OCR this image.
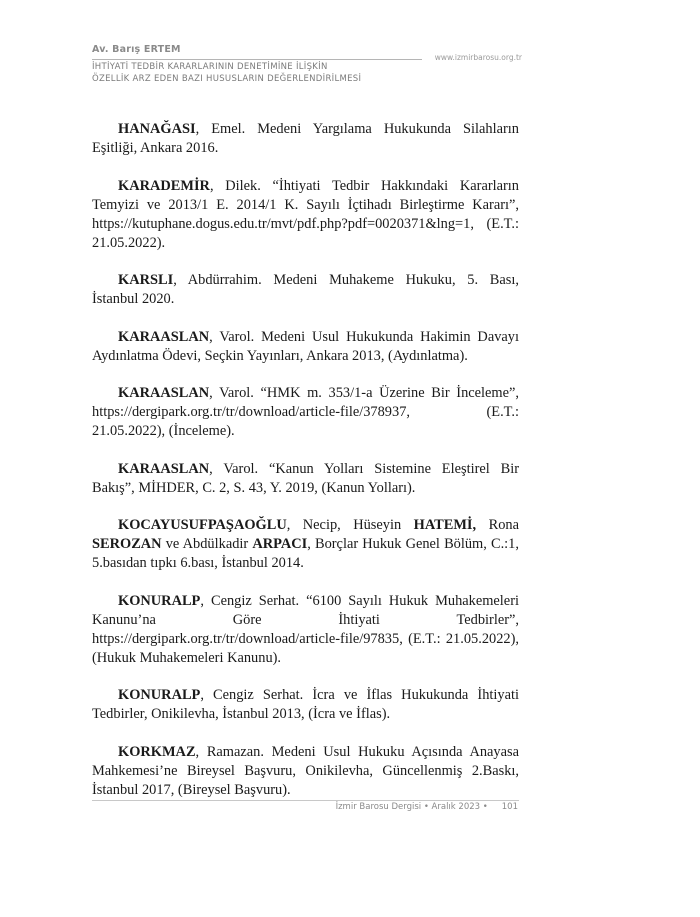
Av. Barış ERTEM
www.izmirbarosu.org.tr
İHTİYATİ TEDBİR KARARLARININ DENETİMİNE İLİŞKİN
ÖZELLİK ARZ EDEN BAZI HUSUSLARIN DEĞERLENDİRİLMESİ

HANAĞASI, Emel. Medeni Yargılama Hukukunda Silahların Eşitliği, Ankara 2016.

KARADEMİR, Dilek. “İhtiyati Tedbir Hakkındaki Kararların Temyizi ve 2013/1 E. 2014/1 K. Sayılı İçtihadı Birleştirme Kararı”, https://kutuphane.dogus.edu.tr/mvt/pdf.php?pdf=0020371&lng=1, (E.T.: 21.05.2022).

KARSLI, Abdürrahim. Medeni Muhakeme Hukuku, 5. Bası, İstanbul 2020.

KARAASLAN, Varol. Medeni Usul Hukukunda Hakimin Davayı Aydınlatma Ödevi, Seçkin Yayınları, Ankara 2013, (Aydınlatma).

KARAASLAN, Varol. “HMK m. 353/1-a Üzerine Bir İnceleme”, https://dergipark.org.tr/tr/download/article-file/378937, (E.T.: 21.05.2022), (İnceleme).

KARAASLAN, Varol. “Kanun Yolları Sistemine Eleştirel Bir Bakış”, MİHDER, C. 2, S. 43, Y. 2019, (Kanun Yolları).

KOCAYUSUFPAŞAOĞLU, Necip, Hüseyin HATEMİ, Rona SEROZAN ve Abdülkadir ARPACI, Borçlar Hukuk Genel Bölüm, C.:1, 5.basıdan tıpkı 6.bası, İstanbul 2014.

KONURALP, Cengiz Serhat. “6100 Sayılı Hukuk Muhakemeleri Kanunu’na Göre İhtiyati Tedbirler”, https://dergipark.org.tr/tr/download/article-file/97835, (E.T.: 21.05.2022), (Hukuk Muhakemeleri Kanunu).

KONURALP, Cengiz Serhat. İcra ve İflas Hukukunda İhtiyati Tedbirler, Onikilevha, İstanbul 2013, (İcra ve İflas).

KORKMAZ, Ramazan. Medeni Usul Hukuku Açısında Anayasa Mahkemesi’ne Bireysel Başvuru, Onikilevha, Güncellenmiş 2.Baskı, İstanbul 2017, (Bireysel Başvuru).

İzmir Barosu Dergisi • Aralık 2023 • 101
